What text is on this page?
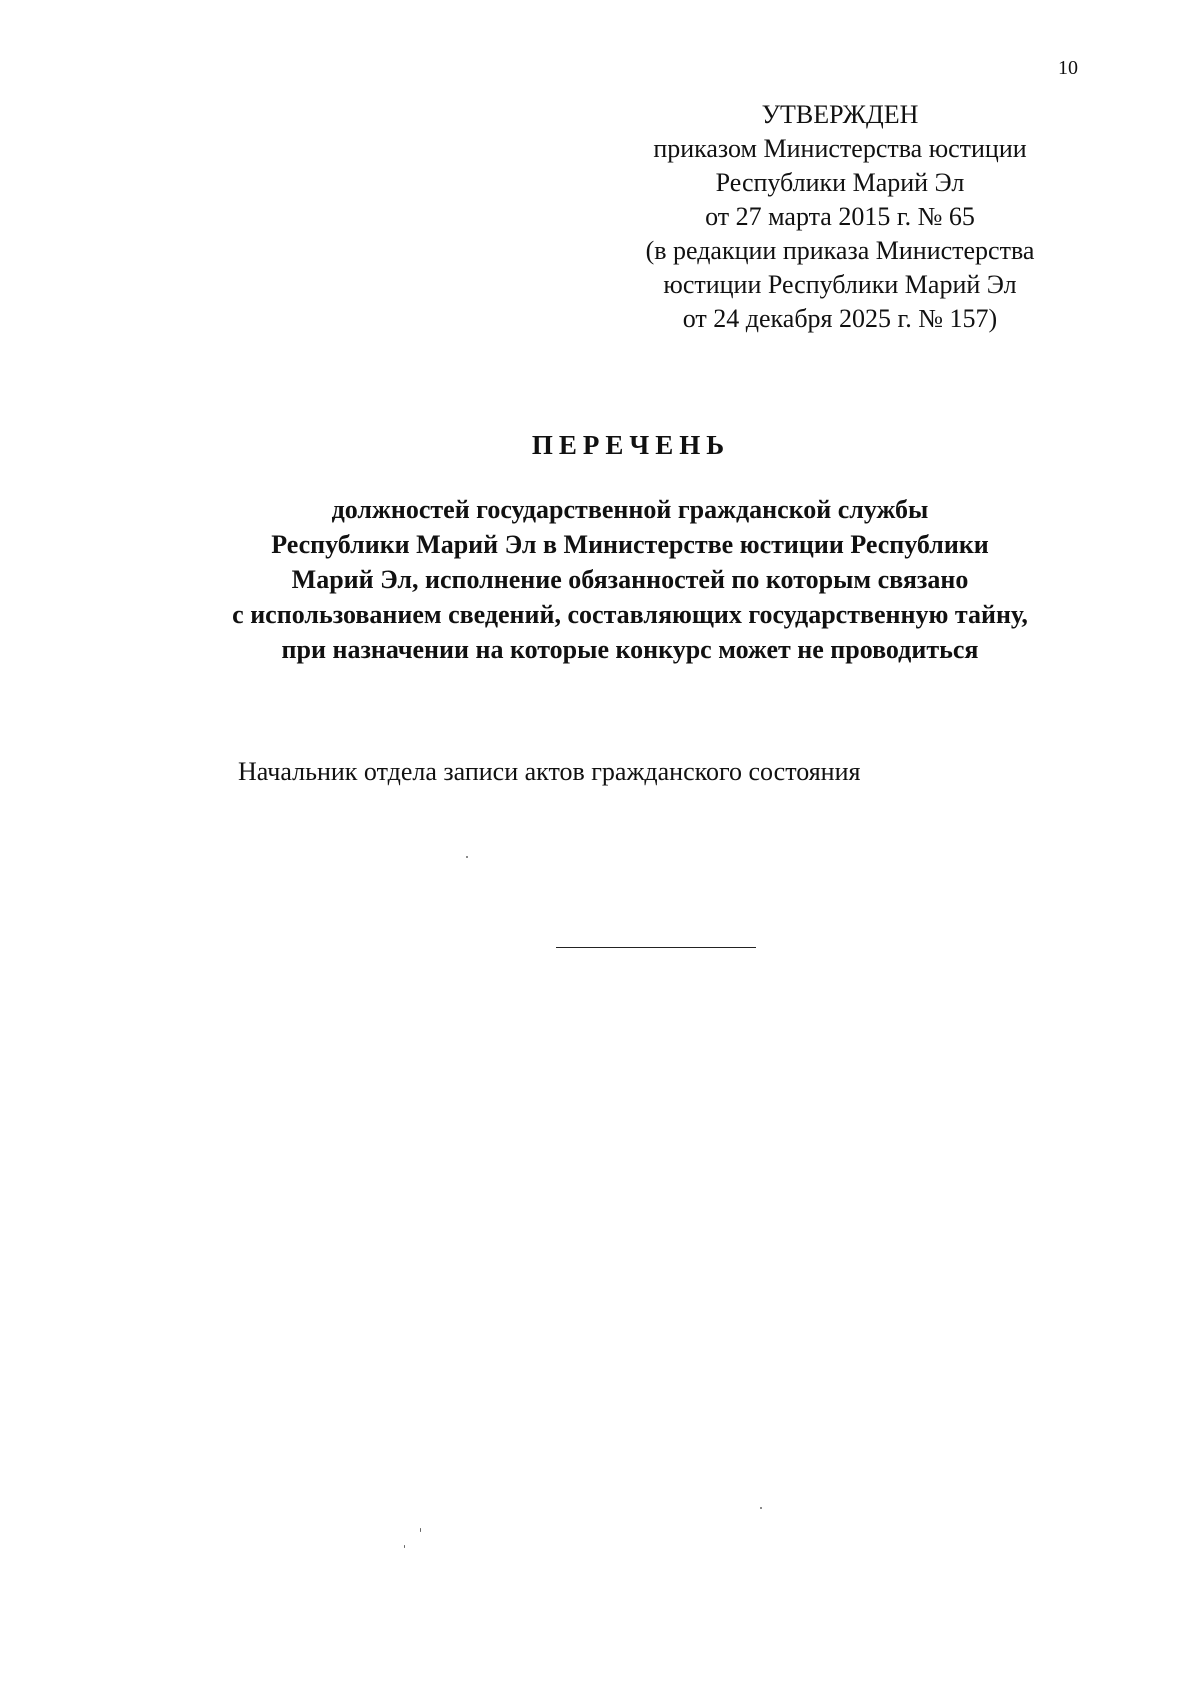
10
УТВЕРЖДЕН
приказом Министерства юстиции
Республики Марий Эл
от 27 марта 2015 г. № 65
(в редакции приказа Министерства
юстиции Республики Марий Эл
от 24 декабря 2025 г. № 157)
ПЕРЕЧЕНЬ
должностей государственной гражданской службы
Республики Марий Эл в Министерстве юстиции Республики
Марий Эл, исполнение обязанностей по которым связано
с использованием сведений, составляющих государственную тайну,
при назначении на которые конкурс может не проводиться
Начальник отдела записи актов гражданского состояния
